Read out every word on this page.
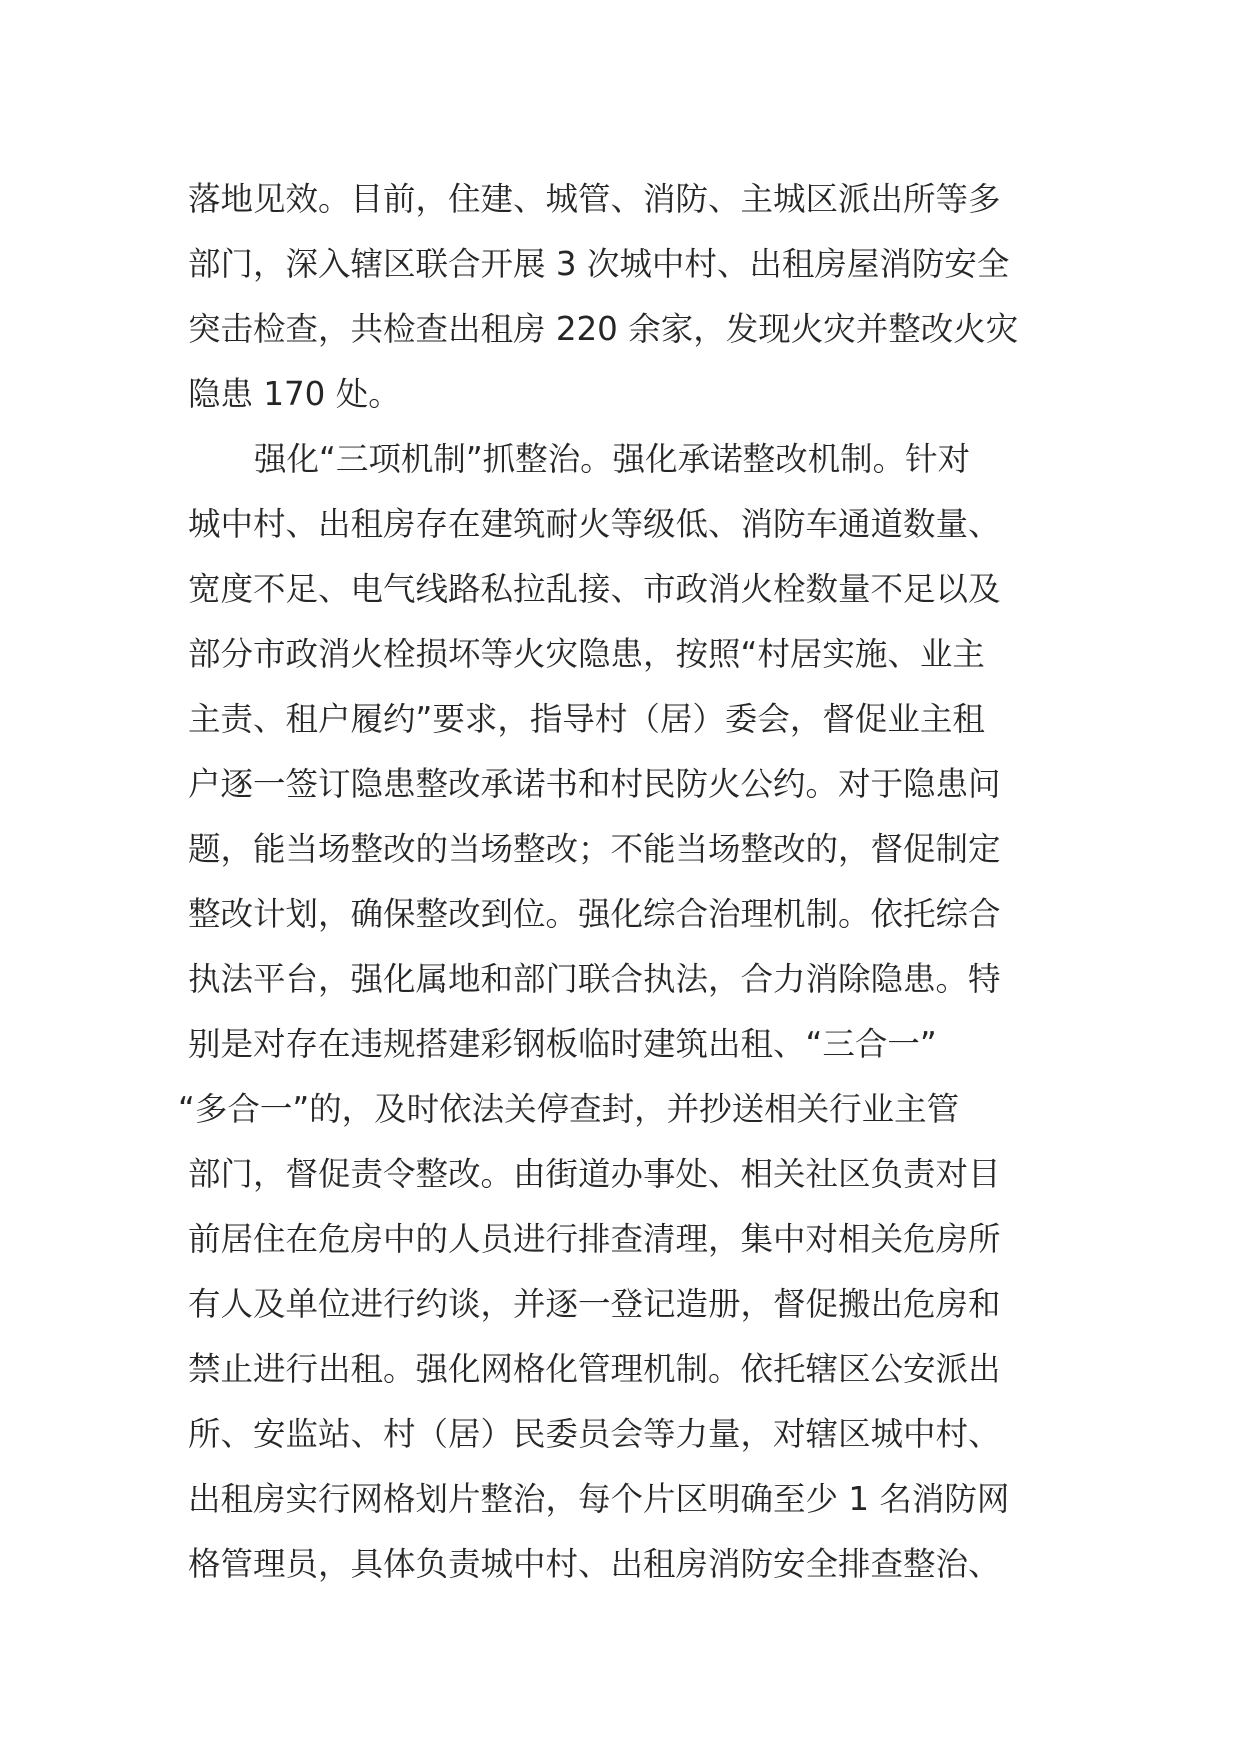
落地见效。目前，住建、城管、消防、主城区派出所等多
部门，深入辖区联合开展 3 次城中村、出租房屋消防安全
突击检查，共检查出租房 220 余家，发现火灾并整改火灾
隐患 170 处。
强化“三项机制”抓整治。强化承诺整改机制。针对
城中村、出租房存在建筑耐火等级低、消防车通道数量、
宽度不足、电气线路私拉乱接、市政消火栓数量不足以及
部分市政消火栓损坏等火灾隐患，按照“村居实施、业主
主责、租户履约”要求，指导村（居）委会，督促业主租
户逐一签订隐患整改承诺书和村民防火公约。对于隐患问
题，能当场整改的当场整改；不能当场整改的，督促制定
整改计划，确保整改到位。强化综合治理机制。依托综合
执法平台，强化属地和部门联合执法，合力消除隐患。特
别是对存在违规搭建彩钢板临时建筑出租、“三合一”
“多合一”的，及时依法关停查封，并抄送相关行业主管
部门，督促责令整改。由街道办事处、相关社区负责对目
前居住在危房中的人员进行排查清理，集中对相关危房所
有人及单位进行约谈，并逐一登记造册，督促搬出危房和
禁止进行出租。强化网格化管理机制。依托辖区公安派出
所、安监站、村（居）民委员会等力量，对辖区城中村、
出租房实行网格划片整治，每个片区明确至少 1 名消防网
格管理员，具体负责城中村、出租房消防安全排查整治、
